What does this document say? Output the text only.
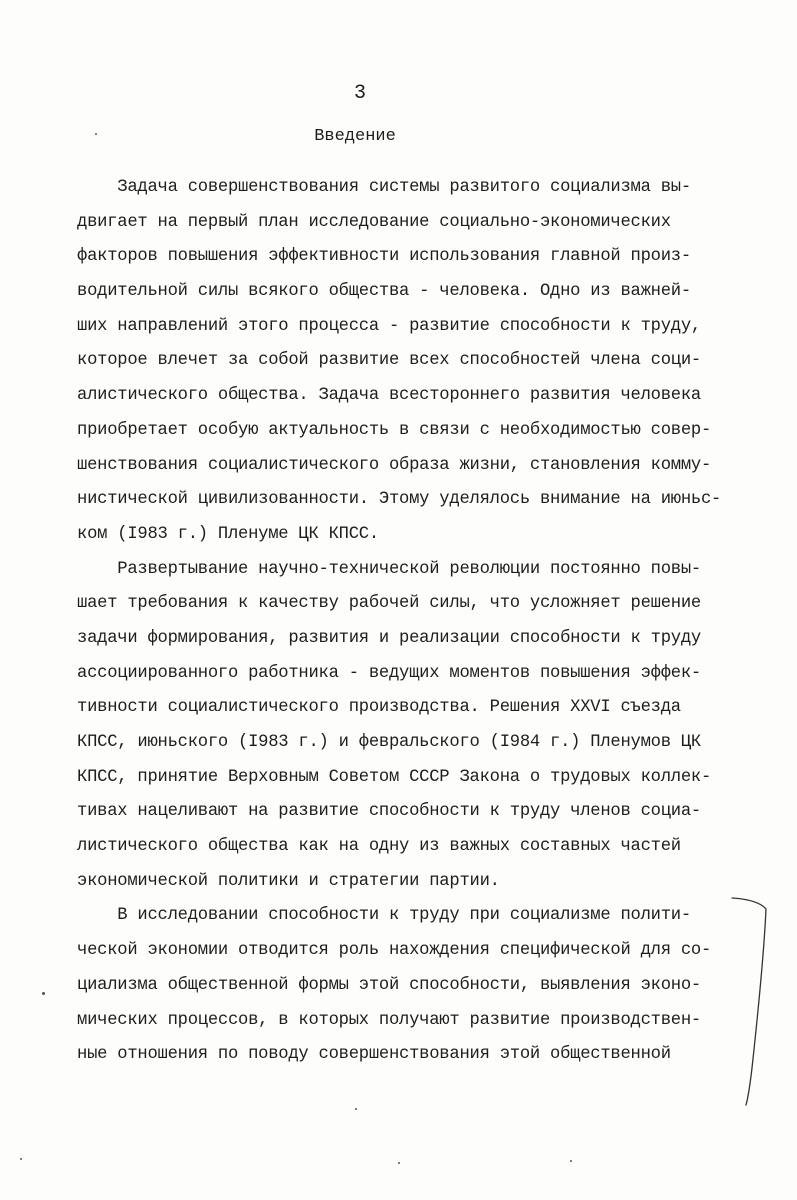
3
Введение
Задача совершенствования системы развитого социализма вы-
двигает на первый план исследование социально-экономических
факторов повышения эффективности использования главной произ-
водительной силы всякого общества - человека. Одно из важней-
ших направлений этого процесса - развитие способности к труду,
которое влечет за собой развитие всех способностей члена соци-
алистического общества. Задача всестороннего развития человека
приобретает особую актуальность в связи с необходимостью совер-
шенствования социалистического образа жизни, становления комму-
нистической цивилизованности. Этому уделялось внимание на июньс-
ком (I983 г.) Пленуме ЦК КПСС.
Развертывание научно-технической революции постоянно повы-
шает требования к качеству рабочей силы, что усложняет решение
задачи формирования, развития и реализации способности к труду
ассоциированного работника - ведущих моментов повышения эффек-
тивности социалистического производства. Решения XXVI съезда
КПСС, июньского (I983 г.) и февральского (I984 г.) Пленумов ЦК
КПСС, принятие Верховным Советом СССР Закона о трудовых коллек-
тивах нацеливают на развитие способности к труду членов социа-
листического общества как на одну из важных составных частей
экономической политики и стратегии партии.
В исследовании способности к труду при социализме полити-
ческой экономии отводится роль нахождения специфической для со-
циализма общественной формы этой способности, выявления эконо-
мических процессов, в которых получают развитие производствен-
ные отношения по поводу совершенствования этой общественной
